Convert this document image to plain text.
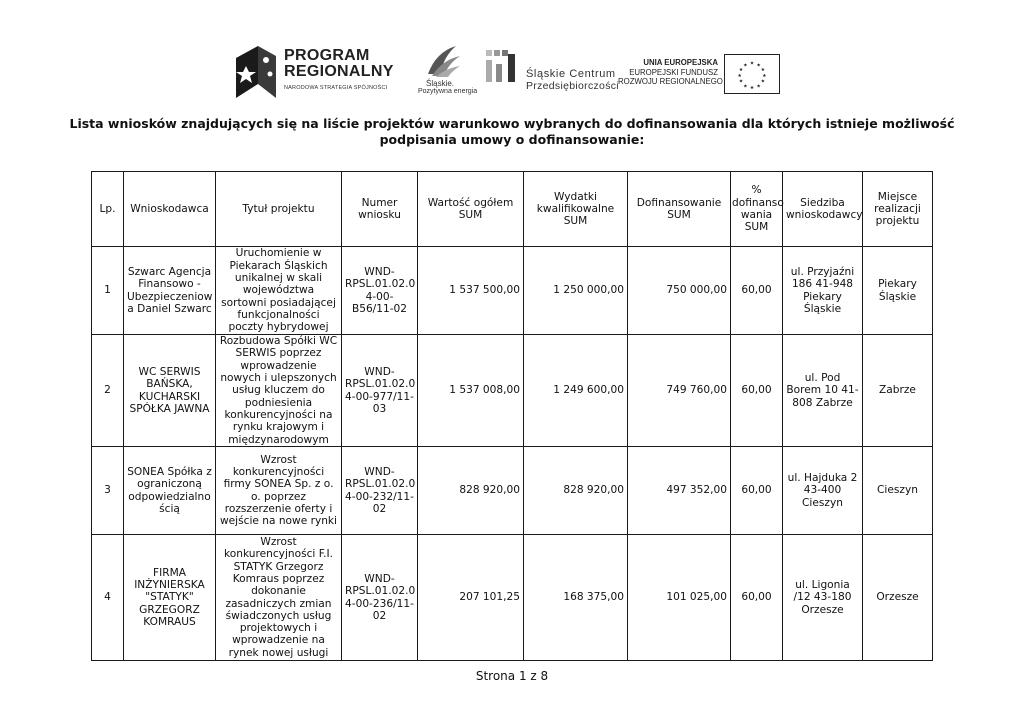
PROGRAM
REGIONALNY
NARODOWA STRATEGIA SPÓJNOŚCI	Śląskie.
Pozytywna energia
Śląskie Centrum
Przedsiębiorczości
UNIA EUROPEJSKA
EUROPEJSKI FUNDUSZ
ROZWOJU REGIONALNEGO
★ ★
★
★
★
★
★
★
★
★
★
★
Lista wniosków znajdujących się na liście projektów warunkowo wybranych do dofinansowania dla których istnieje możliwość podpisania umowy o dofinansowanie:
Lp.	Wnioskodawca	Tytuł projektu	Numer wniosku	Wartość ogółem SUM	Wydatki kwalifikowalne SUM	Dofinansowanie SUM	% dofinanso wania SUM	Siedziba wnioskodawcy	Miejsce realizacji projektu
1	Szwarc Agencja Finansowo - Ubezpieczeniow a Daniel Szwarc	Uruchomienie w Piekarach Śląskich unikalnej w skali województwa sortowni posiadającej funkcjonalności poczty hybrydowej	WND-RPSL.01.02.0 4-00-B56/11-02	1 537 500,00	1 250 000,00	750 000,00	60,00	ul. Przyjaźni 186 41-948 Piekary Śląskie	Piekary Śląskie
2	WC SERWIS BAŃSKA, KUCHARSKI SPÓŁKA JAWNA	Rozbudowa Spółki WC SERWIS poprzez wprowadzenie nowych i ulepszonych usług kluczem do podniesienia konkurencyjności na rynku krajowym i międzynarodowym	WND-RPSL.01.02.0 4-00-977/11-03	1 537 008,00	1 249 600,00	749 760,00	60,00	ul. Pod Borem 10 41-808 Zabrze	Zabrze
3	SONEA Spółka z ograniczoną odpowiedzialno ścią	Wzrost konkurencyjności firmy SONEA Sp. z o. o. poprzez rozszerzenie oferty i wejście na nowe rynki	WND-RPSL.01.02.0 4-00-232/11-02	828 920,00	828 920,00	497 352,00	60,00	ul. Hajduka 2 43-400 Cieszyn	Cieszyn
4	FIRMA INŻYNIERSKA "STATYK" GRZEGORZ KOMRAUS	Wzrost konkurencyjności F.I. STATYK Grzegorz Komraus poprzez dokonanie zasadniczych zmian świadczonych usług projektowych i wprowadzenie na rynek nowej usługi	WND-RPSL.01.02.0 4-00-236/11-02	207 101,25	168 375,00	101 025,00	60,00	ul. Ligonia /12 43-180 Orzesze	Orzesze
Strona 1 z 8
